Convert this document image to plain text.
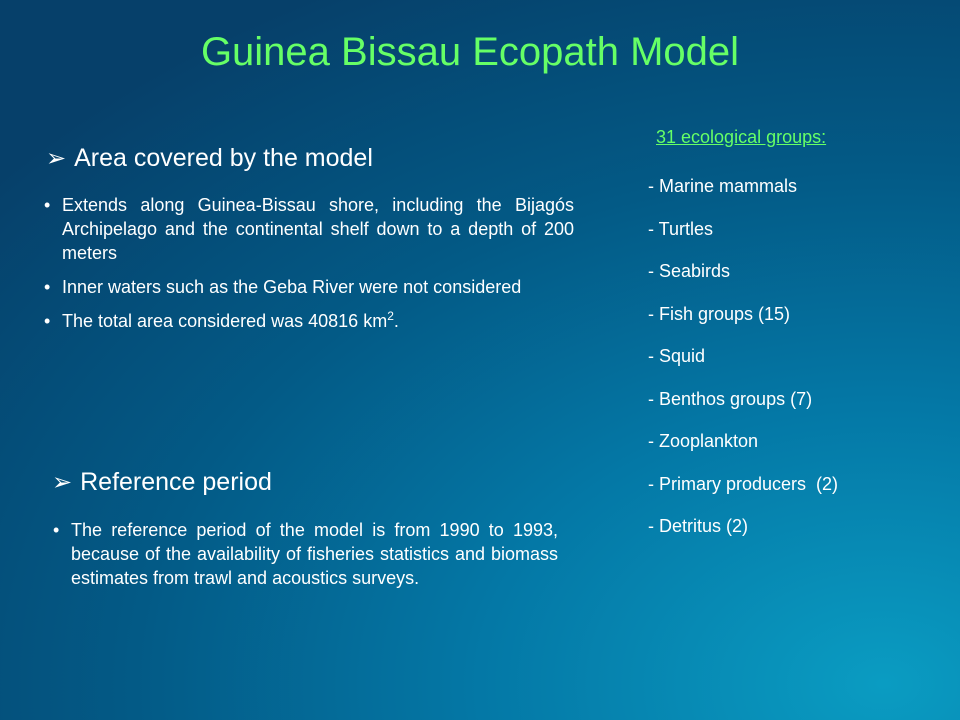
Guinea Bissau Ecopath Model
➢ Area covered by the model
• Extends along Guinea-Bissau shore, including the Bijagós Archipelago and the continental shelf down to a depth of 200 meters
• Inner waters such as the Geba River were not considered
• The total area considered was 40816 $km^2$.
➢ Reference period
• The reference period of the model is from 1990 to 1993, because of the availability of fisheries statistics and biomass estimates from trawl and acoustics surveys.

31 ecological groups:

- Marine mammals
- Turtles
- Seabirds
- Fish groups (15)
- Squid
- Benthos groups (7)
- Zooplankton
- Primary producers  (2)
- Detritus (2)
